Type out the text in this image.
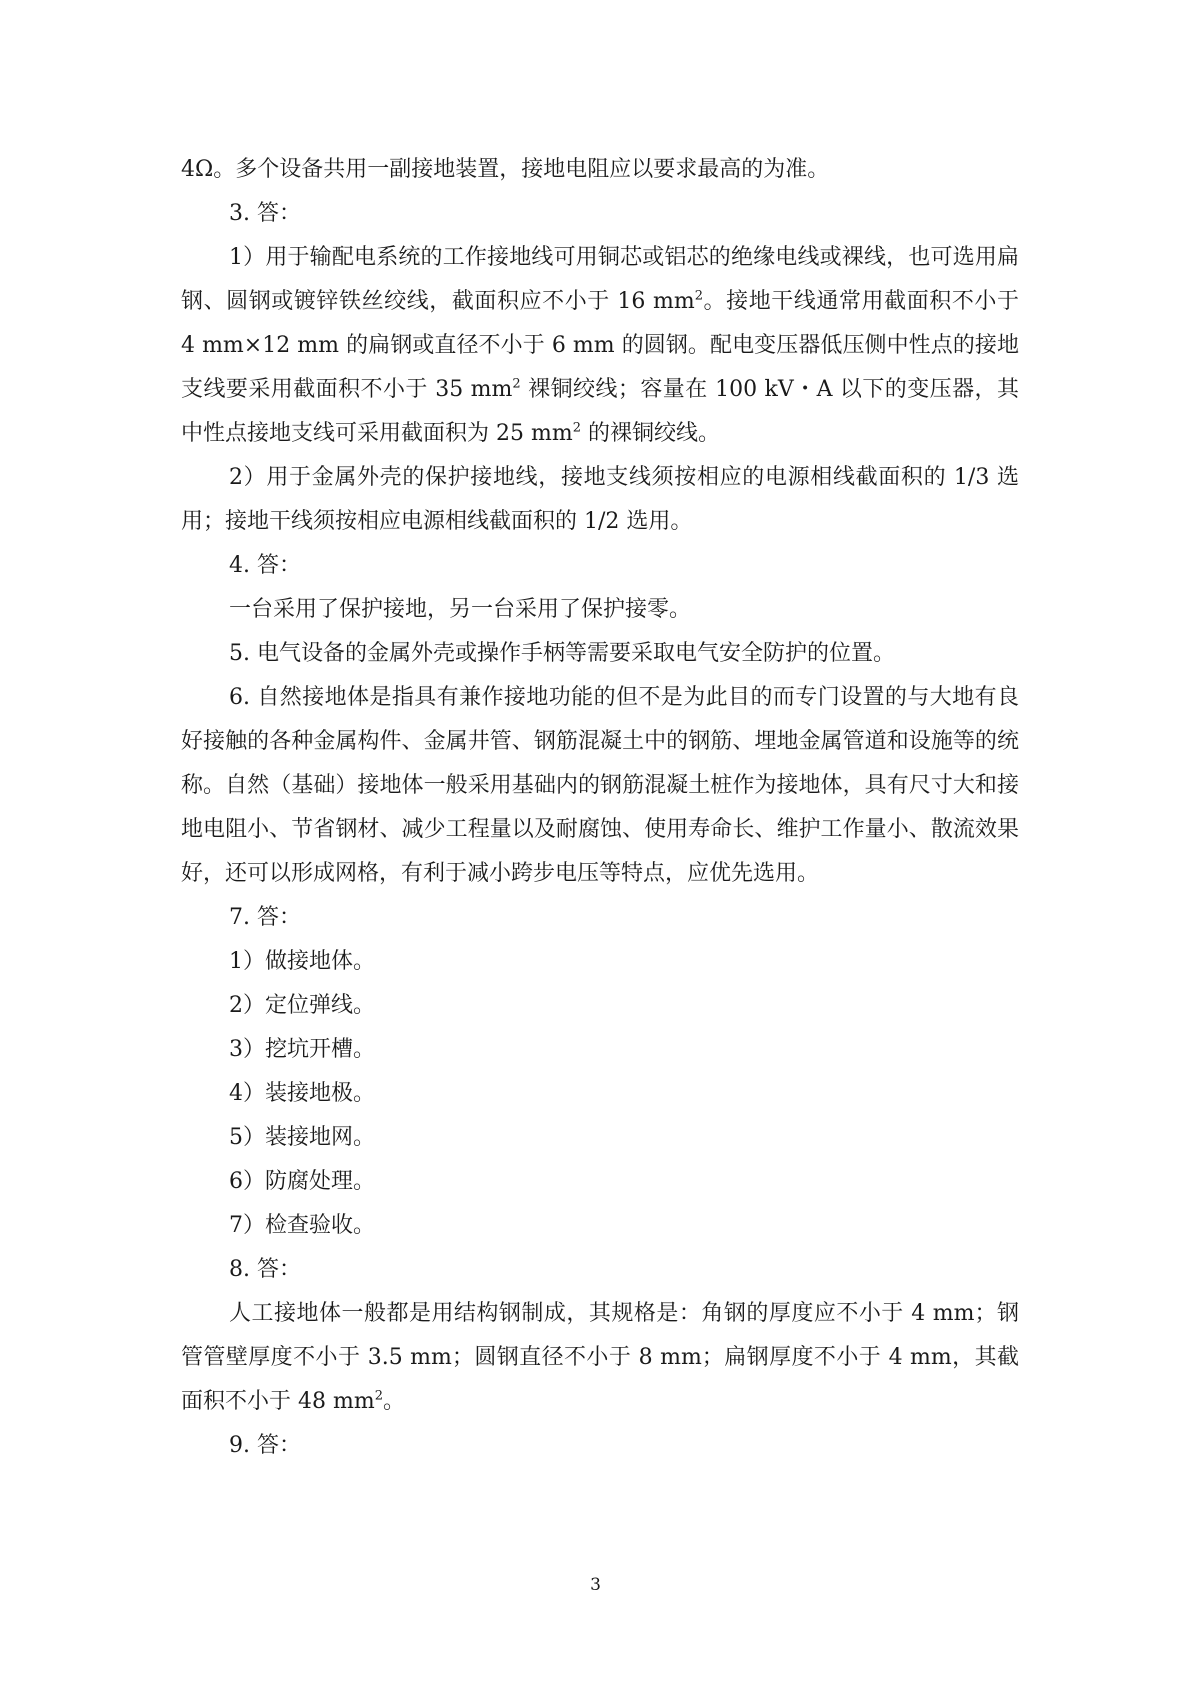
4Ω。多个设备共用一副接地装置，接地电阻应以要求最高的为准。

3. 答：

1）用于输配电系统的工作接地线可用铜芯或铝芯的绝缘电线或裸线，也可选用扁钢、圆钢或镀锌铁丝绞线，截面积应不小于 16 $mm^2$。接地干线通常用截面积不小于 4 mm×12 mm 的扁钢或直径不小于 6 mm 的圆钢。配电变压器低压侧中性点的接地支线要采用截面积不小于 35 $mm^2$ 裸铜绞线；容量在 100 kV・A 以下的变压器，其中性点接地支线可采用截面积为 25 $mm^2$ 的裸铜绞线。

2）用于金属外壳的保护接地线，接地支线须按相应的电源相线截面积的 1/3 选用；接地干线须按相应电源相线截面积的 1/2 选用。

4. 答：

一台采用了保护接地，另一台采用了保护接零。

5. 电气设备的金属外壳或操作手柄等需要采取电气安全防护的位置。

6. 自然接地体是指具有兼作接地功能的但不是为此目的而专门设置的与大地有良好接触的各种金属构件、金属井管、钢筋混凝土中的钢筋、埋地金属管道和设施等的统称。自然（基础）接地体一般采用基础内的钢筋混凝土桩作为接地体，具有尺寸大和接地电阻小、节省钢材、减少工程量以及耐腐蚀、使用寿命长、维护工作量小、散流效果好，还可以形成网格，有利于减小跨步电压等特点，应优先选用。

7. 答：

1）做接地体。

2）定位弹线。

3）挖坑开槽。

4）装接地极。

5）装接地网。

6）防腐处理。

7）检查验收。

8. 答：

人工接地体一般都是用结构钢制成，其规格是：角钢的厚度应不小于 4 mm；钢管管壁厚度不小于 3.5 mm；圆钢直径不小于 8 mm；扁钢厚度不小于 4 mm，其截面积不小于 48 $mm^2$。

9. 答：

3
